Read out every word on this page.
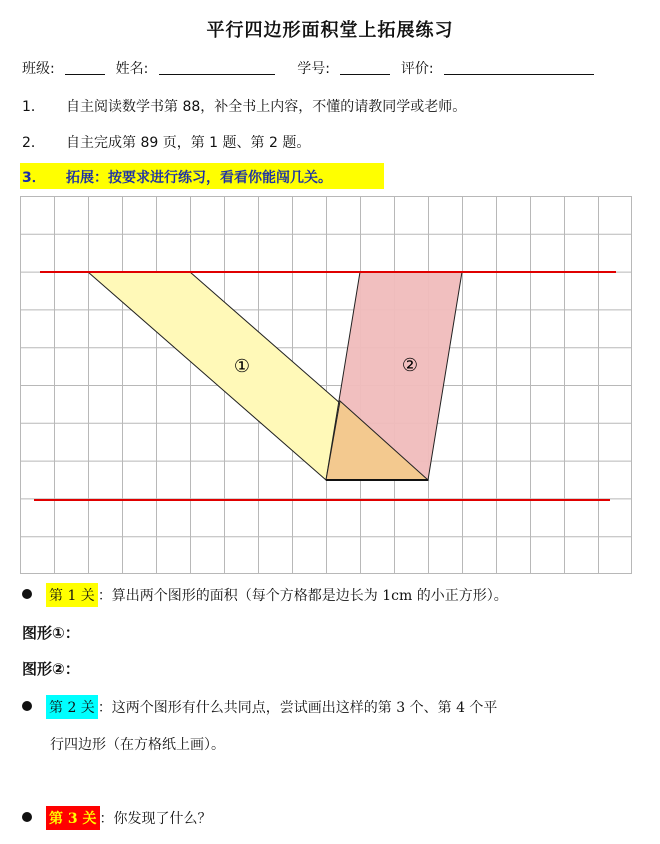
平行四边形面积堂上拓展练习
班级:	姓名:	学号:	评价:
1． 自主阅读数学书第 88，补全书上内容，不懂的请教同学或老师。
2． 自主完成第 89 页，第 1 题、第 2 题。
3． 拓展：按要求进行练习，看看你能闯几关。
①	②
第 1 关 ：算出两个图形的面积（每个方格都是边长为 1cm 的小正方形）。
图形①：
图形②：
第 2 关 ：这两个图形有什么共同点，尝试画出这样的第 3 个、第 4 个平
行四边形（在方格纸上画）。
第 3 关 ：你发现了什么？
